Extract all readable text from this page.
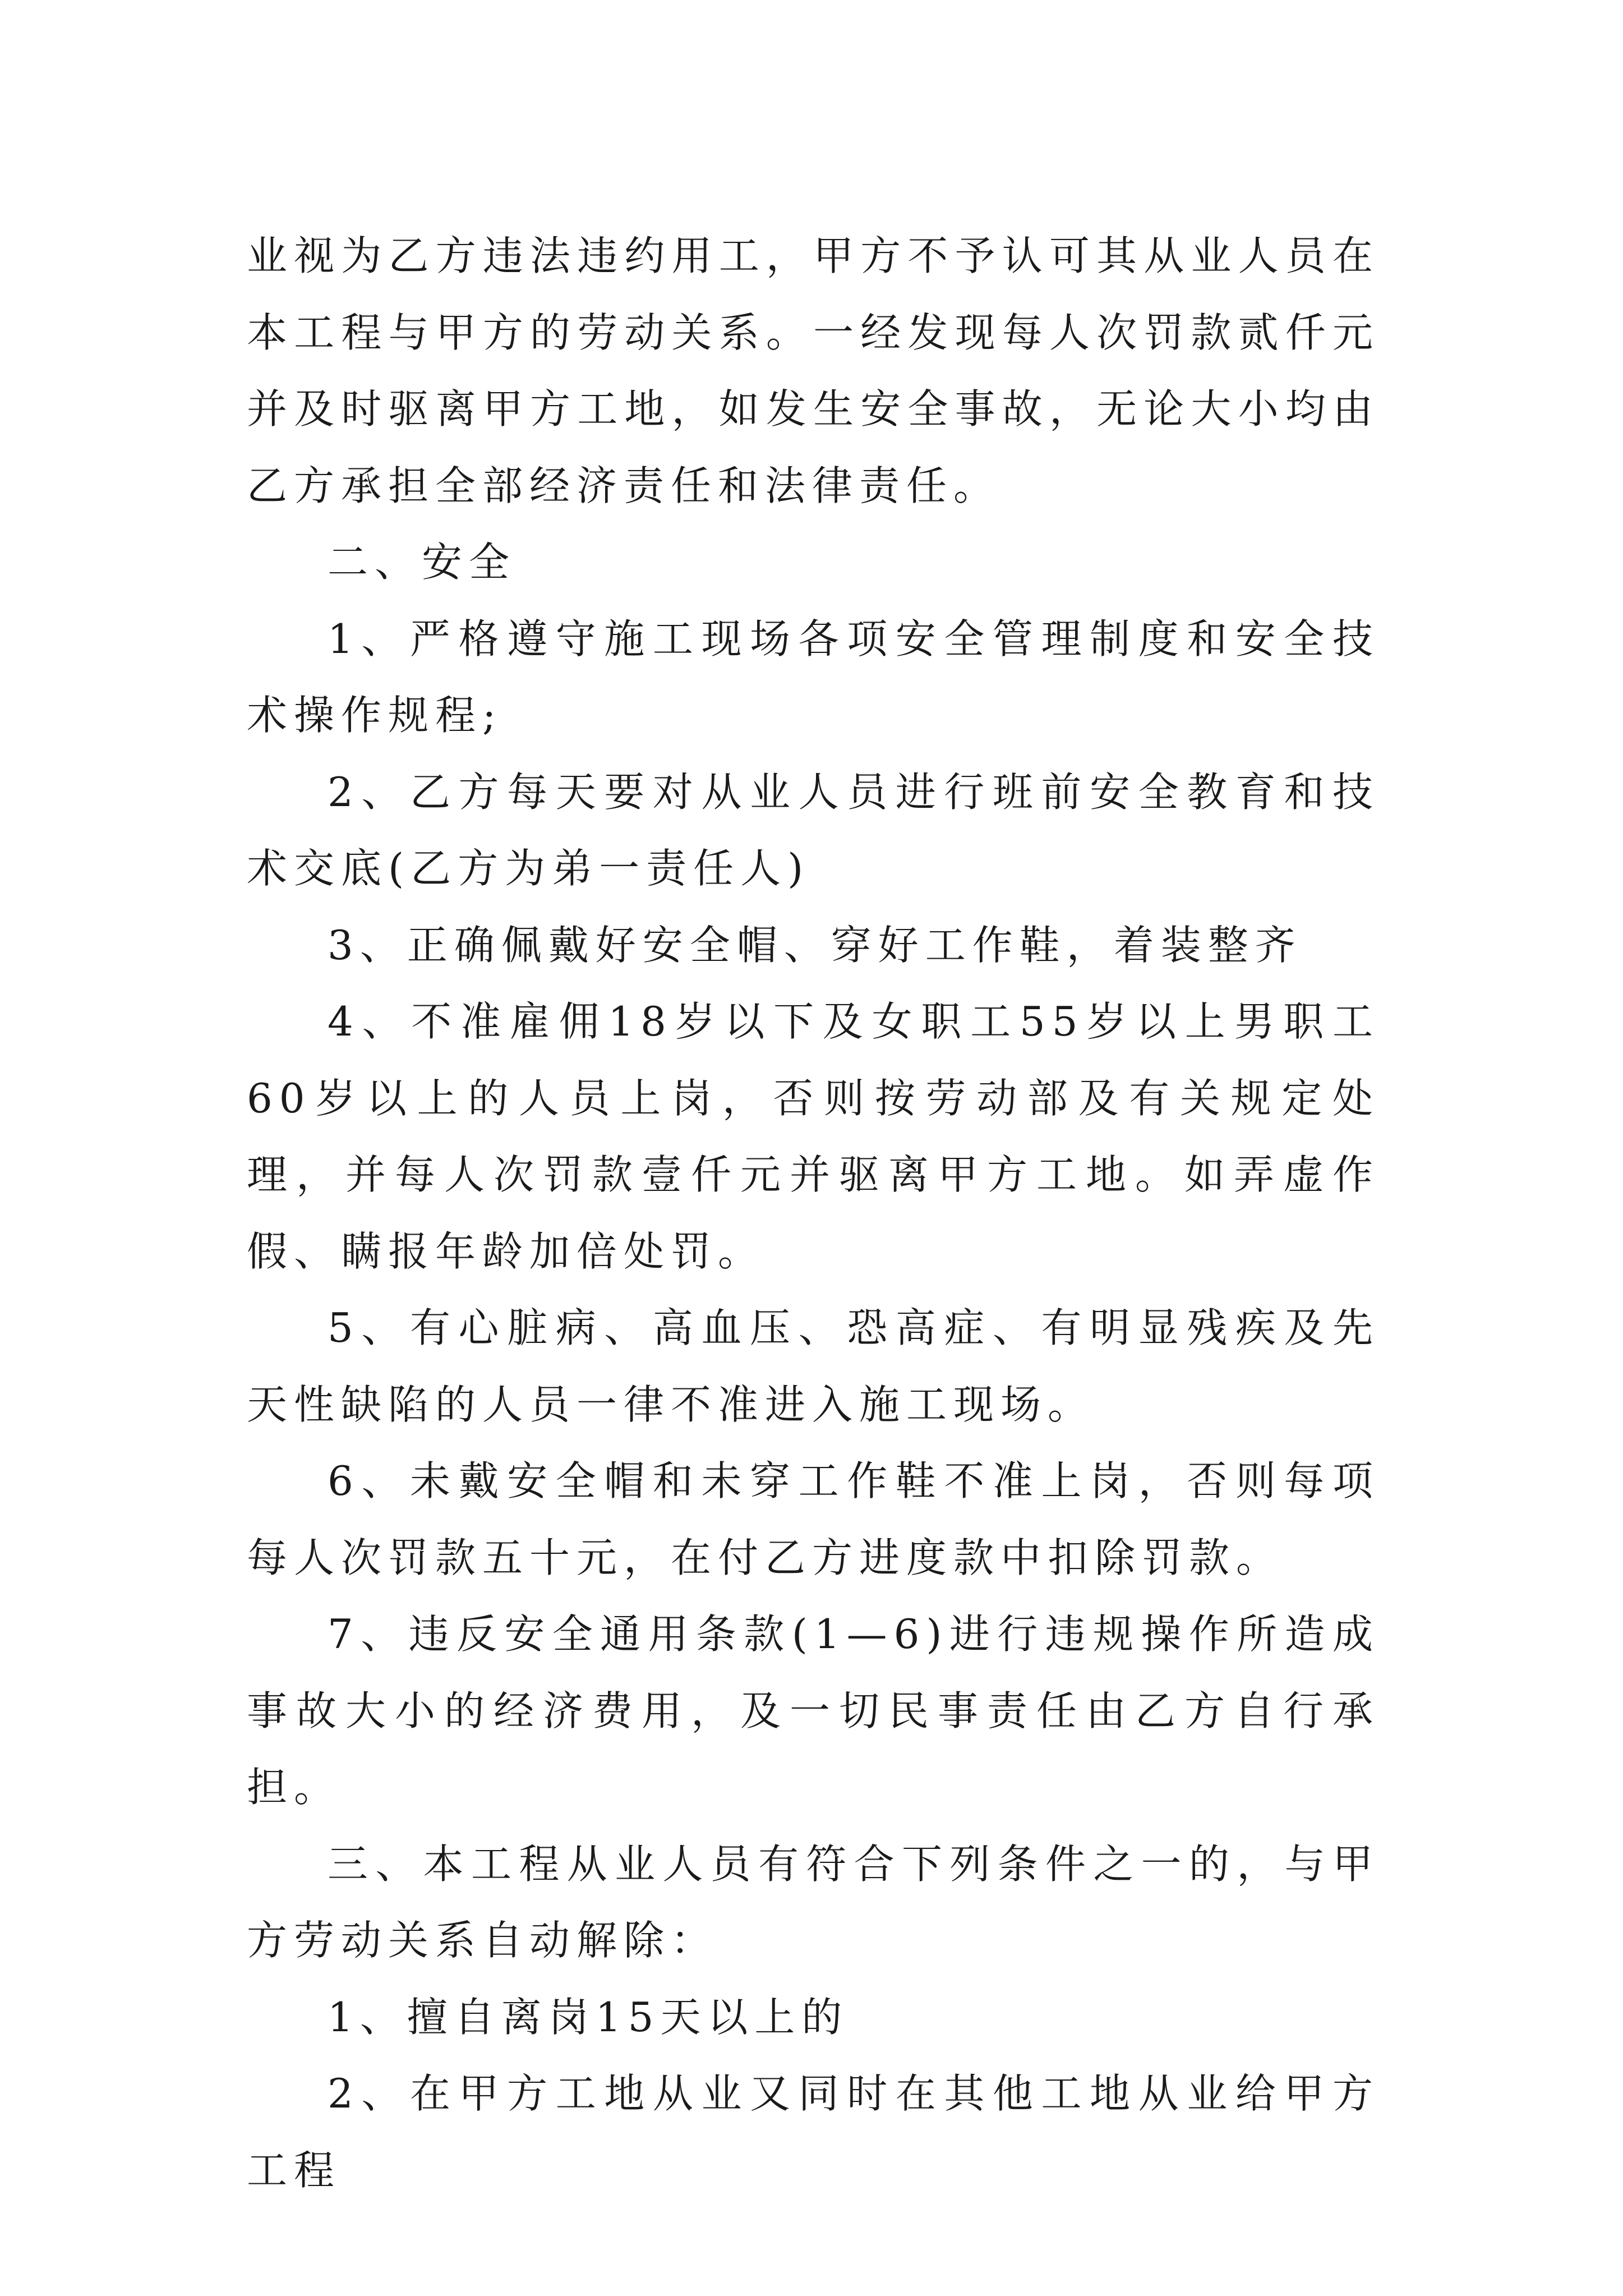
业视为乙方违法违约用工，甲方不予认可其从业人员在本工程与甲方的劳动关系。一经发现每人次罚款贰仟元并及时驱离甲方工地，如发生安全事故，无论大小均由乙方承担全部经济责任和法律责任。

二、安全

1、严格遵守施工现场各项安全管理制度和安全技术操作规程;

2、乙方每天要对从业人员进行班前安全教育和技术交底(乙方为弟一责任人)

3、正确佩戴好安全帽、穿好工作鞋，着装整齐

4、不准雇佣18岁以下及女职工55岁以上男职工60岁以上的人员上岗，否则按劳动部及有关规定处理，并每人次罚款壹仟元并驱离甲方工地。如弄虚作假、瞒报年龄加倍处罚。

5、有心脏病、高血压、恐高症、有明显残疾及先天性缺陷的人员一律不准进入施工现场。

6、未戴安全帽和未穿工作鞋不准上岗，否则每项每人次罚款五十元，在付乙方进度款中扣除罚款。

7、违反安全通用条款(1—6)进行违规操作所造成事故大小的经济费用，及一切民事责任由乙方自行承担。

三、本工程从业人员有符合下列条件之一的，与甲方劳动关系自动解除：

1、擅自离岗15天以上的

2、在甲方工地从业又同时在其他工地从业给甲方工程
